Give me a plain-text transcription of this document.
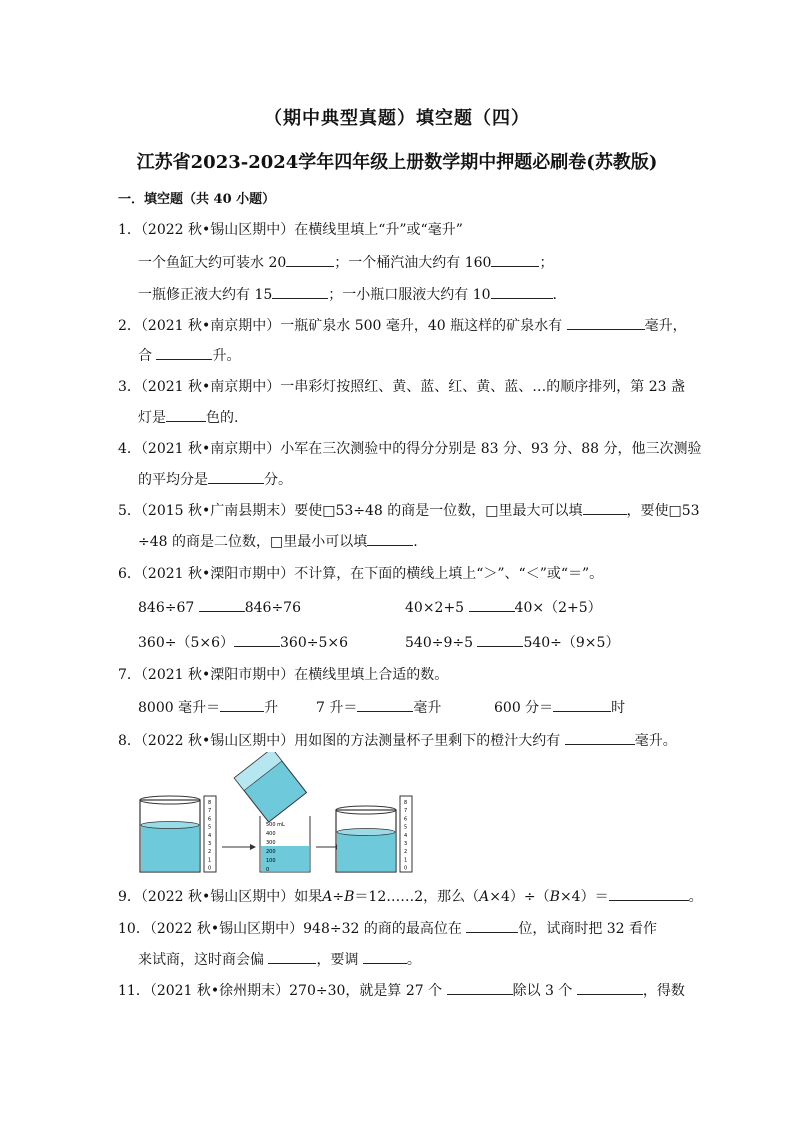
（期中典型真题）填空题（四）
江苏省2023-2024学年四年级上册数学期中押题必刷卷(苏教版)
一．填空题（共 40 小题）
1．（2022 秋•锡山区期中）在横线里填上“升”或“毫升”
一个鱼缸大约可装水 20	；一个桶汽油大约有 160	；
一瓶修正液大约有 15	；一小瓶口服液大约有 10	.
2．（2021 秋•南京期中）一瓶矿泉水 500 毫升，40 瓶这样的矿泉水有	毫升，
合	升。
3．（2021 秋•南京期中）一串彩灯按照红、黄、蓝、红、黄、蓝、…的顺序排列，第 23 盏
灯是	色的.
4．（2021 秋•南京期中）小军在三次测验中的得分分别是 83 分、93 分、88 分，他三次测验
的平均分是	分。
5．（2015 秋•广南县期末）要使□53÷48 的商是一位数，□里最大可以填	，要使□53
÷48 的商是二位数，□里最小可以填	.
6．（2021 秋•溧阳市期中）不计算，在下面的横线上填上“＞”、“＜”或“＝”。
846÷67	846÷76	40×2+5	40×（2+5）
360÷（5×6）	360÷5×6	540÷9÷5	540÷（9×5）
7．（2021 秋•溧阳市期中）在横线里填上合适的数。
8000 毫升＝	升	7 升＝	毫升	600 分＝	时
8．（2022 秋•锡山区期中）用如图的方法测量杯子里剩下的橙汁大约有	毫升。
8
7
6
5
4
3
2
1
0
500 mL
400
300
200
100
0
8
7
6
5
4
3
2
1
0
9．（2022 秋•锡山区期中）如果A÷B＝12……2，那么（A×4）÷（B×4）＝	。
10．（2022 秋•锡山区期中）948÷32 的商的最高位在	位，试商时把 32 看作
来试商，这时商会偏	，要调	。
11．（2021 秋•徐州期末）270÷30，就是算 27 个	除以 3 个	，得数
